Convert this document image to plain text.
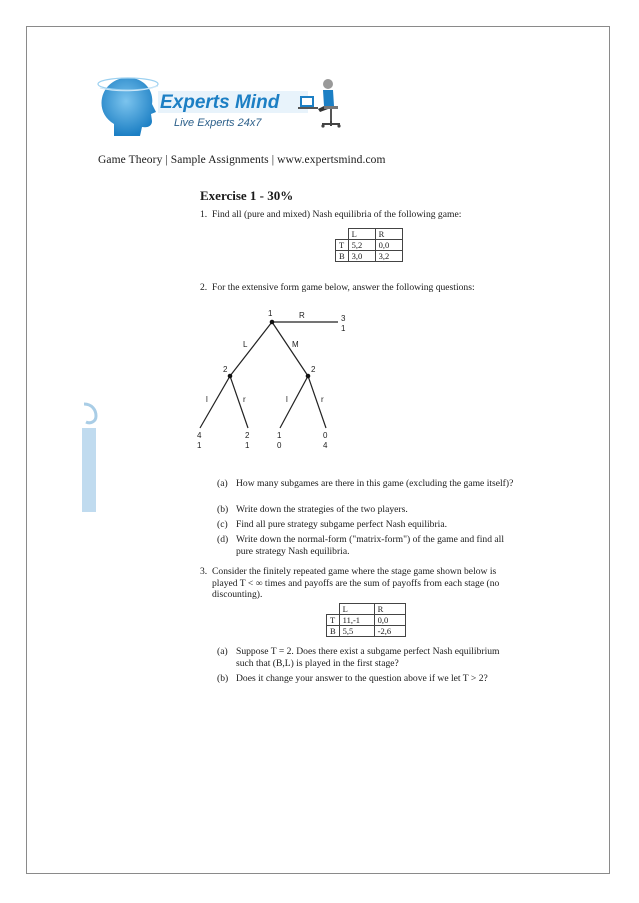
Experts Mind
Live Experts 24x7
Game Theory | Sample Assignments | www.expertsmind.com
Exercise 1 - 30%
1. Find all (pure and mixed) Nash equilibria of the following game:
	L	R
T	5,2	0,0
B	3,0	3,2
2. For the extensive form game below, answer the following questions:
1	R	3
1
L	M
2	2
l	r	l	r
4
1
2
1
1
0
0
4
(a) How many subgames are there in this game (excluding the game itself)?
(b) Write down the strategies of the two players.
(c) Find all pure strategy subgame perfect Nash equilibria.
(d) Write down the normal-form ("matrix-form") of the game and find all pure strategy Nash equilibria.
3. Consider the finitely repeated game where the stage game shown below is played T < ∞ times and payoffs are the sum of payoffs from each stage (no discounting).
	L	R
T	11,-1	0,0
B	5,5	-2,6
(a) Suppose T = 2. Does there exist a subgame perfect Nash equilibrium such that (B,L) is played in the first stage?
(b) Does it change your answer to the question above if we let T > 2?
